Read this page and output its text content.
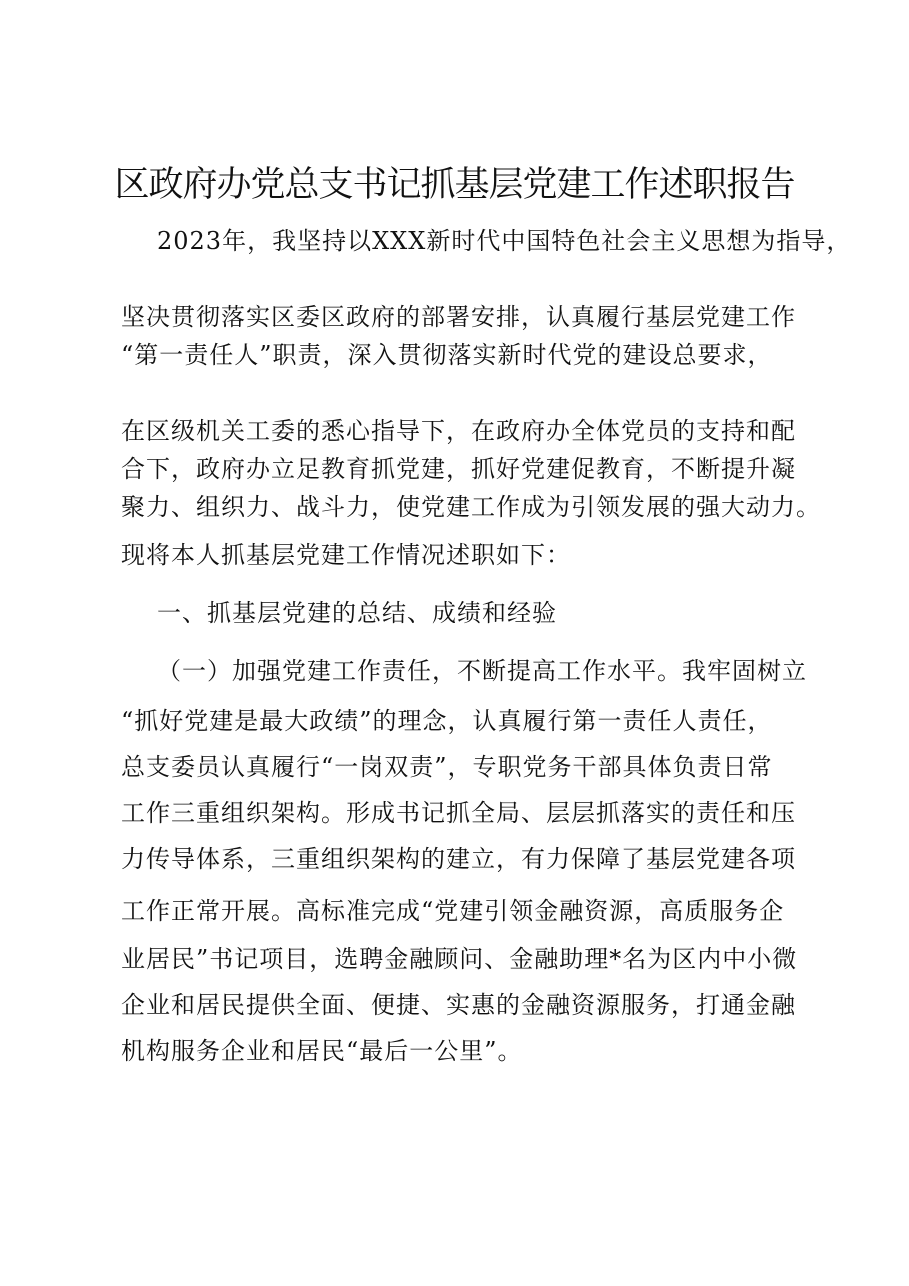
区政府办党总支书记抓基层党建工作述职报告
2023年，我坚持以XXX新时代中国特色社会主义思想为指导，
坚决贯彻落实区委区政府的部署安排，认真履行基层党建工作
“第一责任人”职责，深入贯彻落实新时代党的建设总要求，
在区级机关工委的悉心指导下，在政府办全体党员的支持和配
合下，政府办立足教育抓党建，抓好党建促教育，不断提升凝
聚力、组织力、战斗力，使党建工作成为引领发展的强大动力。
现将本人抓基层党建工作情况述职如下：
一、抓基层党建的总结、成绩和经验
（一）加强党建工作责任，不断提高工作水平。我牢固树立
“抓好党建是最大政绩”的理念，认真履行第一责任人责任，
总支委员认真履行“一岗双责”，专职党务干部具体负责日常
工作三重组织架构。形成书记抓全局、层层抓落实的责任和压
力传导体系，三重组织架构的建立，有力保障了基层党建各项
工作正常开展。高标准完成“党建引领金融资源，高质服务企
业居民”书记项目，选聘金融顾问、金融助理*名为区内中小微
企业和居民提供全面、便捷、实惠的金融资源服务，打通金融
机构服务企业和居民“最后一公里”。
